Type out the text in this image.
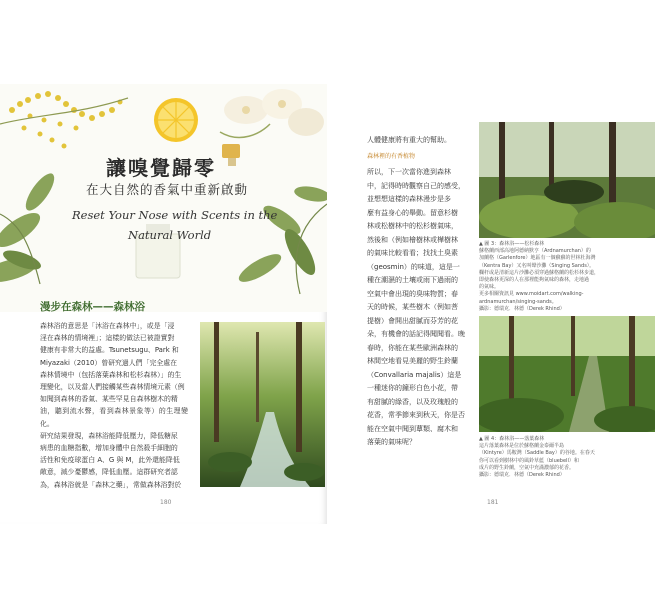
讓嗅覺歸零
在大自然的香氣中重新啟動
Reset Your Nose with Scents in the
Natural World
漫步在森林——森林浴
森林浴的意思是「沐浴在森林中」，或是「浸
淫在森林的情境裡」；這樣的做法已被證實對
健康有非常大的益處。Tsunetsugu、Park 和
Miyazaki（2010）曾研究過人們「完全處在
森林情境中（包括落葉森林和松杉森林）」的生
理變化，以及當人們接觸某些森林情境元素（例
如聞到森林的香氣、某些罕見自森林樹木的精
油，聽到流水聲，看到森林景象等）的生理變化。
研究結果發現，森林浴能降低壓力，降低糖尿
病患的血糖指數，增加身體中自然殺手細胞的
活性和免疫球蛋白 A、G 與 M，此外還能降低
敵意，減少憂鬱感，降低血壓。這群研究者認
為，森林浴就是「森林之藥」，常做森林浴對於
180
人體健康將有重大的幫助。
森林裡的有香植物
所以，下一次當你進到森林
中，記得時時觀察自己的感受，
並想想這樣的森林漫步是多
麼有益身心的舉動。留意杉樹
林或松樹林中的松杉樹氣味，
然後和（例如檜樹林或樺樹林
的氣味比較看看；找找土臭素
（geosmin）的味道，這是一
種在潮濕的土壤或雨下過雨的
空氣中會出現的臭味物質；春
天的時候，某些樹木（例如菩
提樹）會開出甜膩而芬芳的花
朵，有機會的話記得聞聞看。晚
春時，你能在某些歐洲森林的
林間空地看見美麗的野生鈴蘭
（Convallaria majalis）這是
一種迷你的鐘形白色小花，帶
有甜膩的綠香，以及玫瑰般的
花香，常季節來到秋天，你是否
能在空氣中聞到蕈類、腐木和
落葉的氣味呢？
▲ 圖 3：森林浴——松杉森林
蘇格蘭西部高地阿德納默亨（Ardnamurchan）的
加蘭格（Garlenfore）地區有一個蘇蘇的世林杜海灣
（Kentra Bay）又名叫聲沙灘（Singing Sands）。
欄杆或是清新這片沙灘必須穿過蘇格蘭的松杉林步道，
即使森林更深的人在那裡能夠氣味的森林，走地過
的氣味。
更多相關資訊見 www.moidart.com/walking-
ardnamurchan/singing-sands。
攝影：德瑞克．林德（Derek Rhind）
▲ 圖 4：森林浴——落葉森林
這片落葉森林是位於蘇格蘭金泰爾半島
（Kintyre）馬鞍灣（Saddle Bay）的谷地。在春天
你可以看到樹林中的風鈴草藍（bluebell）和
成片的野生鈴蘭，空氣中充滿濃郁的花香。
攝影：德瑞克．林德（Derek Rhind）
181
